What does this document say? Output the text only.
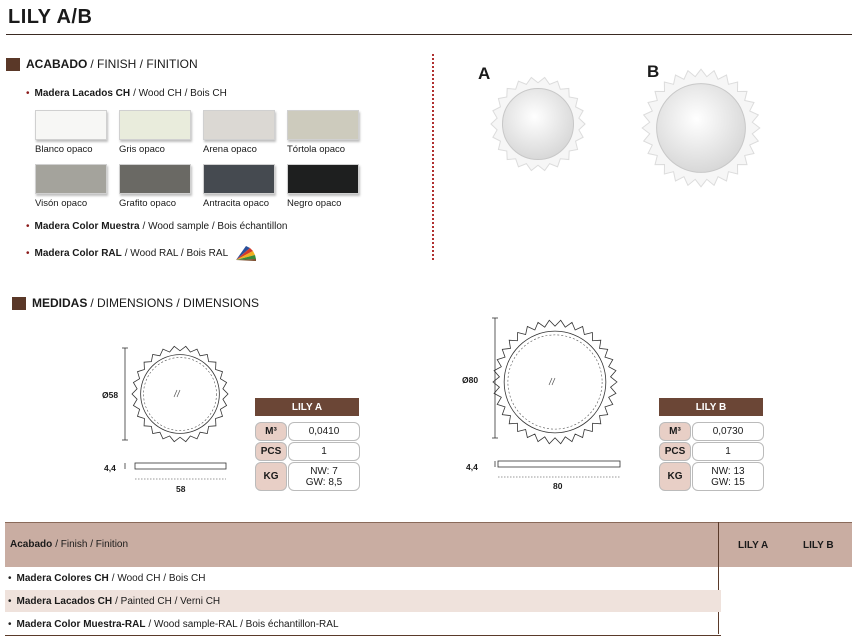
LILY A/B
ACABADO / FINISH / FINITION
• Madera Lacados CH / Wood CH / Bois CH
Blanco opaco	Gris opaco	Arena opaco	Tórtola opaco
Visón opaco	Grafito opaco	Antracita opaco Negro opaco
• Madera Color Muestra / Wood sample / Bois échantillon
• Madera Color RAL / Wood RAL / Bois RAL
A	B
MEDIDAS / DIMENSIONS / DIMENSIONS
Ø58
4,4
58
LILY A
M³	0,0410
PCS	1
KG	NW: 7
GW: 8,5
Ø80
4,4
80
LILY B
M³	0,0730
PCS	1
KG	NW: 13
GW: 15
Acabado / Finish / Finition	LILY A	LILY B
• Madera Colores CH / Wood CH / Bois CH
• Madera Lacados CH / Painted CH / Verni CH
• Madera Color Muestra-RAL / Wood sample-RAL / Bois échantillon-RAL
